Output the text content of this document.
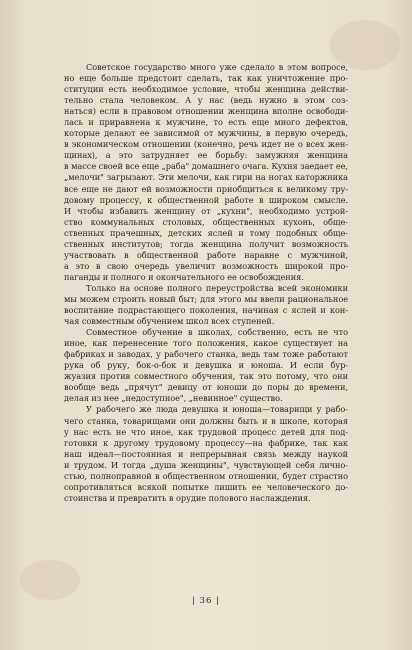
Советское государство много уже сделало в этом вопросе,
но еще больше предстоит сделать, так как уничтожение про-
ституции есть необходимое условие, чтобы женщина действи-
тельно стала человеком. А у нас (ведь нужно в этом соз-
наться) если в правовом отношении женщина вполне освободи-
лась и приравнена к мужчине, то есть еще много дефектов,
которые делают ее зависимой от мужчины, в первую очередь,
в экономическом отношении (конечно, речь идет не о всех жен-
щинах), а это затрудняет ее борьбу: замужняя женщина
в массе своей все еще „раба" домашнего очага. Кухня заедает ее,
„мелочи" загрызают. Эти мелочи, как гири на ногах каторжника
все еще не дают ей возможности приобщиться к великому тру-
довому процессу, к общественной работе в широком смысле.
И чтобы избавить женщину от „кухни", необходимо устрой-
ство коммунальных столовых, общественных кухонь, обще-
ственных прачешных, детских яслей и тому подобных обще-
ственных институтов; тогда женщина получит возможность
участвовать в общественной работе наравне с мужчиной,
а это в свою очередь увеличит возможность широкой про-
паганды и полного и окончательного ее освобождения.
Только на основе полного переустройства всей экономики
мы можем строить новый быт; для этого мы ввели рациональное
воспитание подрастающего поколения, начиная с яслей и кон-
чая совместным обучением школ всех ступеней.
Совместное обучение в школах, собственно, есть не что
иное, как перенесение того положения, какое существует на
фабриках и заводах, у рабочего станка, ведь там тоже работают
рука об руку, бок-о-бок и девушка и юноша. И если бур-
жуазия против совместного обучения, так это потому, что они
вообще ведь „прячут" девицу от юноши до поры до времени,
делая из нее „недоступное", „невинное" существо.
У рабочего же люда девушка и юноша—товарищи у рабо-
чего станка, товарищами они должны быть и в школе, которая
у нас есть не что иное, как трудовой процесс детей для под-
готовки к другому трудовому процессу—на фабрике, так как
наш идеал—постоянная и непрерывная связь между наукой
и трудом. И тогда „душа женщины", чувствующей себя личнo-
стью, полноправной в общественном отношении, будет страстно
сопротивляться всякой попытке лишить ее человеческого до-
стоинства и превратить в орудие полового наслаждения.
| 36 |
